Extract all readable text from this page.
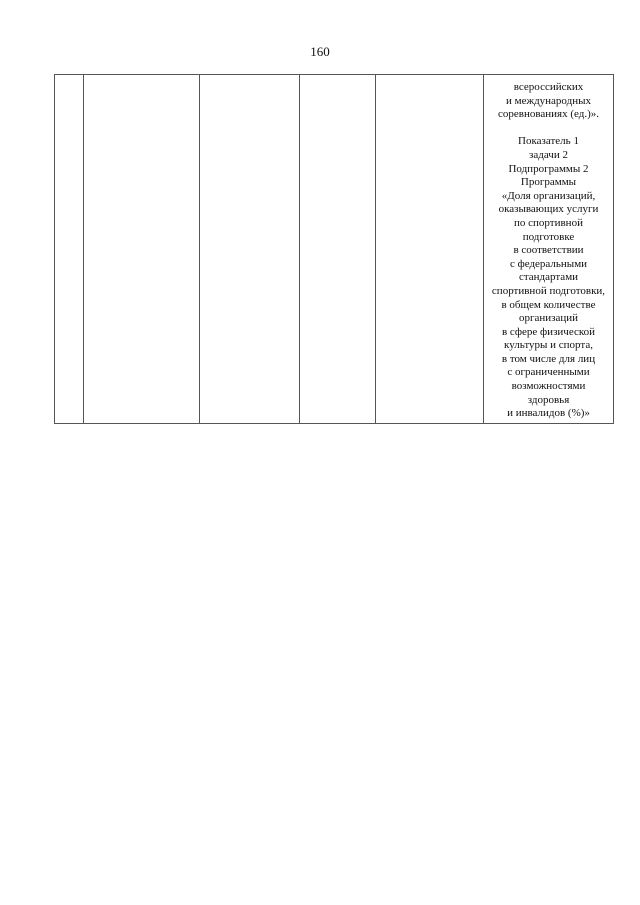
160

всероссийских
и международных
соревнованиях (ед.)».
Показатель 1
задачи 2
Подпрограммы 2
Программы
«Доля организаций,
оказывающих услуги
по спортивной
подготовке
в соответствии
с федеральными
стандартами
спортивной подготовки,
в общем количестве
организаций
в сфере физической
культуры и спорта,
в том числе для лиц
с ограниченными
возможностями
здоровья
и инвалидов (%)»
